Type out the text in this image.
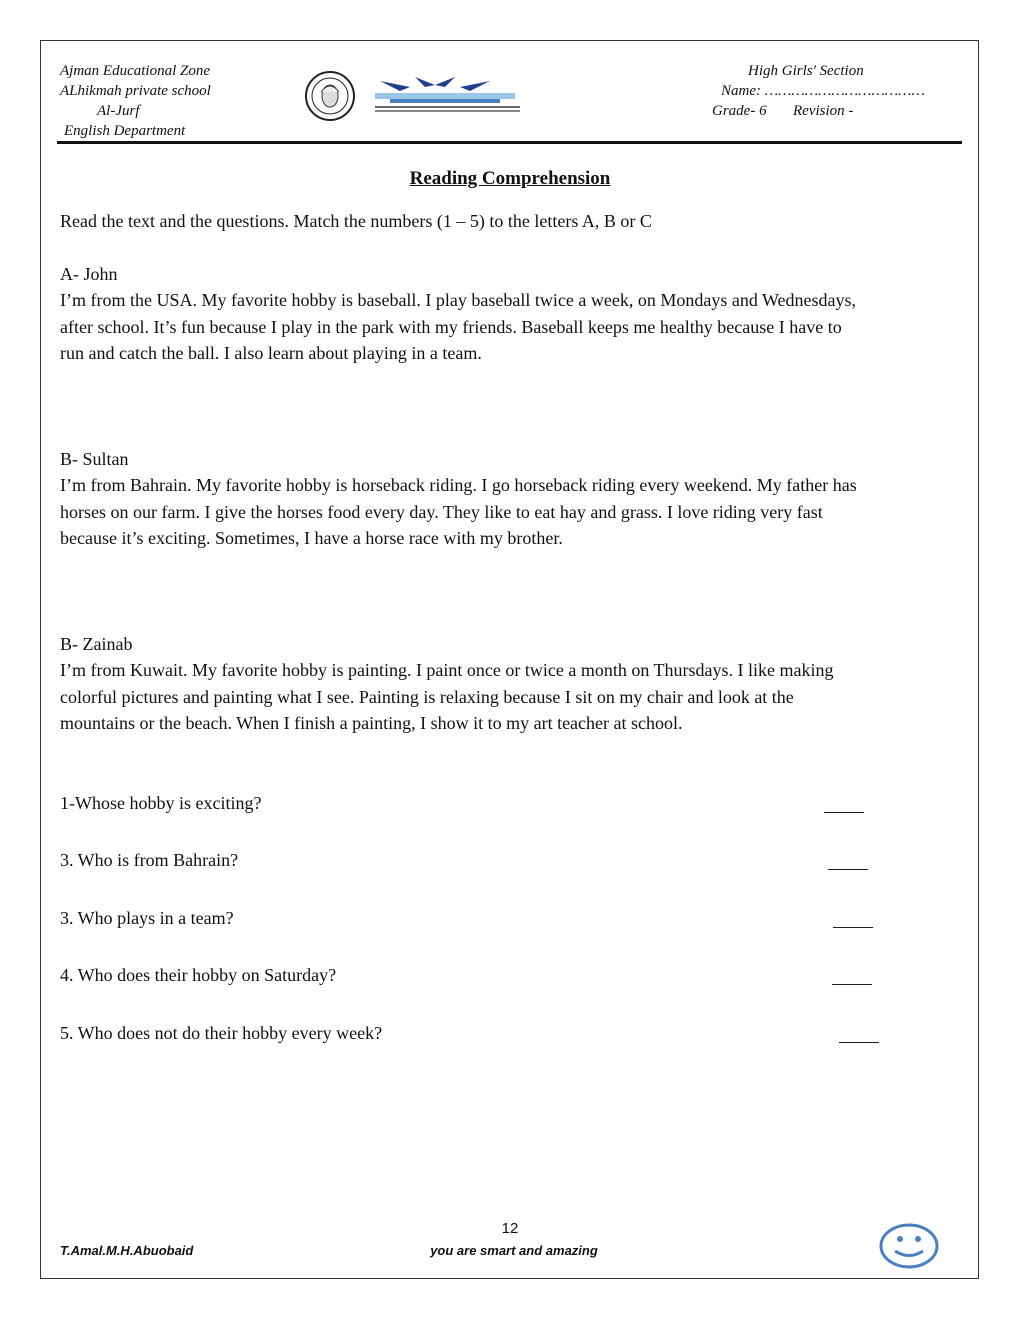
Ajman Educational Zone
ALhikmah private school
Al-Jurf
English Department
High Girls' Section
Name: ………………………………
Grade- 6 Revision -
Reading Comprehension
Read the text and the questions. Match the numbers (1 – 5) to the letters A, B or C
A- John
I’m from the USA. My favorite hobby is baseball. I play baseball twice a week, on Mondays and Wednesdays,
after school. It’s fun because I play in the park with my friends. Baseball keeps me healthy because I have to
run and catch the ball. I also learn about playing in a team.
B- Sultan
I’m from Bahrain. My favorite hobby is horseback riding. I go horseback riding every weekend. My father has
horses on our farm. I give the horses food every day. They like to eat hay and grass. I love riding very fast
because it’s exciting. Sometimes, I have a horse race with my brother.
B- Zainab
I’m from Kuwait. My favorite hobby is painting. I paint once or twice a month on Thursdays. I like making
colorful pictures and painting what I see. Painting is relaxing because I sit on my chair and look at the
mountains or the beach. When I finish a painting, I show it to my art teacher at school.
1-Whose hobby is exciting?
3. Who is from Bahrain?
3. Who plays in a team?
4. Who does their hobby on Saturday?
5. Who does not do their hobby every week?
T.Amal.M.H.Abuobaid
12
you are smart and amazing
